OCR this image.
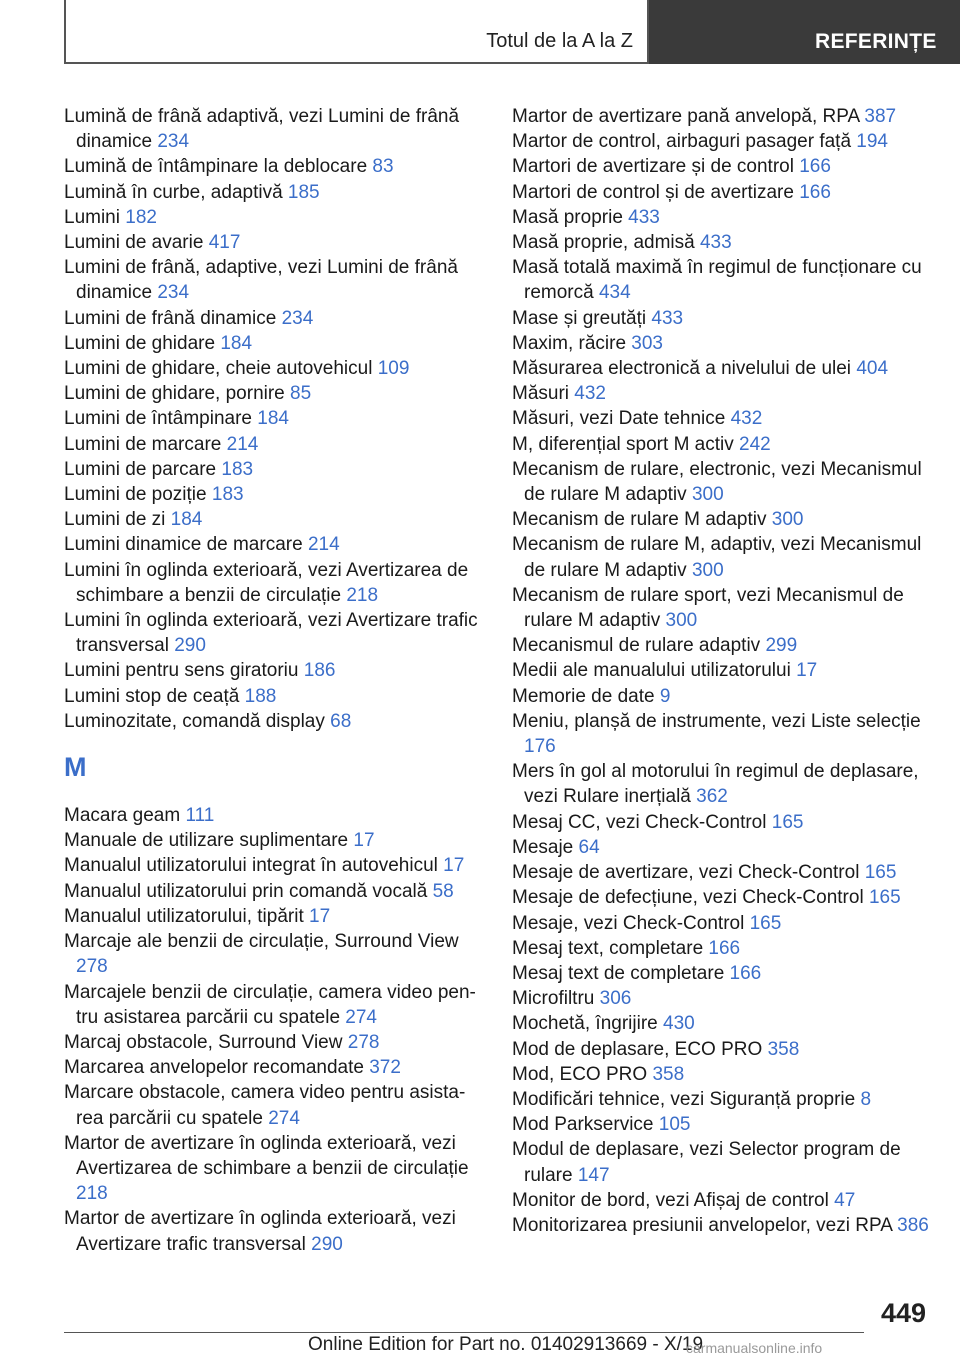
Totul de la A la Z	REFERINȚE
Lumină de frână adaptivă, vezi Lumini de frână dinamice 234
Lumină de întâmpinare la deblocare 83
Lumină în curbe, adaptivă 185
Lumini 182
Lumini de avarie 417
Lumini de frână, adaptive, vezi Lumini de frână dinamice 234
Lumini de frână dinamice 234
Lumini de ghidare 184
Lumini de ghidare, cheie autovehicul 109
Lumini de ghidare, pornire 85
Lumini de întâmpinare 184
Lumini de marcare 214
Lumini de parcare 183
Lumini de poziție 183
Lumini de zi 184
Lumini dinamice de marcare 214
Lumini în oglinda exterioară, vezi Avertizarea de schimbare a benzii de circulație 218
Lumini în oglinda exterioară, vezi Avertizare trafic transversal 290
Lumini pentru sens giratoriu 186
Lumini stop de ceață 188
Luminozitate, comandă display 68
M
Macara geam 111
Manuale de utilizare suplimentare 17
Manualul utilizatorului integrat în autovehicul 17
Manualul utilizatorului prin comandă vocală 58
Manualul utilizatorului, tipărit 17
Marcaje ale benzii de circulație, Surround View 278
Marcajele benzii de circulație, camera video pentru asistarea parcării cu spatele 274
Marcaj obstacole, Surround View 278
Marcarea anvelopelor recomandate 372
Marcare obstacole, camera video pentru asistarea parcării cu spatele 274
Martor de avertizare în oglinda exterioară, vezi Avertizarea de schimbare a benzii de circulație 218
Martor de avertizare în oglinda exterioară, vezi Avertizare trafic transversal 290
Martor de avertizare pană anvelopă, RPA 387
Martor de control, airbaguri pasager față 194
Martori de avertizare și de control 166
Martori de control și de avertizare 166
Masă proprie 433
Masă proprie, admisă 433
Masă totală maximă în regimul de funcționare cu remorcă 434
Mase și greutăți 433
Maxim, răcire 303
Măsurarea electronică a nivelului de ulei 404
Măsuri 432
Măsuri, vezi Date tehnice 432
M, diferențial sport M activ 242
Mecanism de rulare, electronic, vezi Mecanismul de rulare M adaptiv 300
Mecanism de rulare M adaptiv 300
Mecanism de rulare M, adaptiv, vezi Mecanismul de rulare M adaptiv 300
Mecanism de rulare sport, vezi Mecanismul de rulare M adaptiv 300
Mecanismul de rulare adaptiv 299
Medii ale manualului utilizatorului 17
Memorie de date 9
Meniu, planșă de instrumente, vezi Liste selecție 176
Mers în gol al motorului în regimul de deplasare, vezi Rulare inerțială 362
Mesaj CC, vezi Check-Control 165
Mesaje 64
Mesaje de avertizare, vezi Check-Control 165
Mesaje de defecțiune, vezi Check-Control 165
Mesaje, vezi Check-Control 165
Mesaj text, completare 166
Mesaj text de completare 166
Microfiltru 306
Mochetă, îngrijire 430
Mod de deplasare, ECO PRO 358
Mod, ECO PRO 358
Modificări tehnice, vezi Siguranță proprie 8
Mod Parkservice 105
Modul de deplasare, vezi Selector program de rulare 147
Monitor de bord, vezi Afișaj de control 47
Monitorizarea presiunii anvelopelor, vezi RPA 386
449
Online Edition for Part no. 01402913669 - X/19
carmanualsonline.info
